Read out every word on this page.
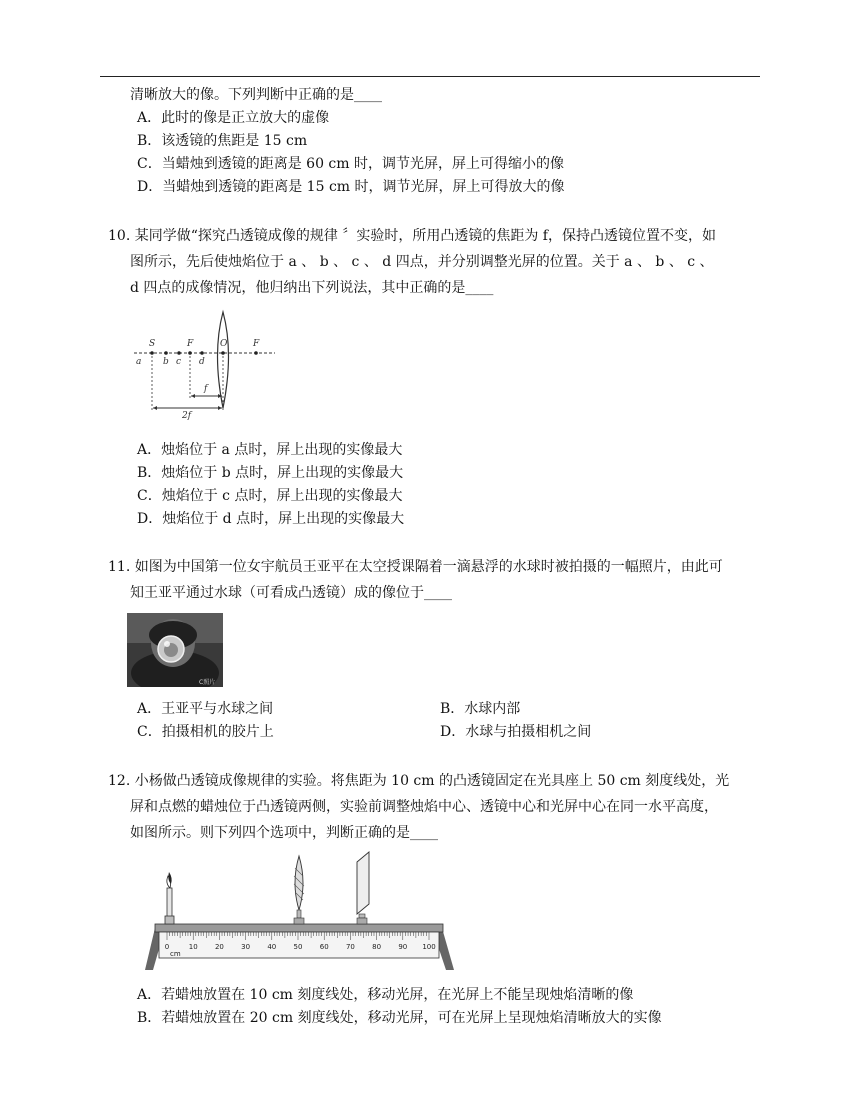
清晰放大的像。下列判断中正确的是____
A．此时的像是正立放大的虚像
B．该透镜的焦距是 15 cm
C．当蜡烛到透镜的距离是 60 cm 时，调节光屏，屏上可得缩小的像
D．当蜡烛到透镜的距离是 15 cm 时，调节光屏，屏上可得放大的像
10. 某同学做“探究凸透镜成像的规律 〞实验时，所用凸透镜的焦距为 f，保持凸透镜位置不变，如
图所示，先后使烛焰位于 a 、 b 、 c 、 d 四点，并分别调整光屏的位置。关于 a 、 b 、 c 、
d 四点的成像情况，他归纳出下列说法，其中正确的是____
S	F	O	F
a b c d
f
2f
A．烛焰位于 a 点时，屏上出现的实像最大
B．烛焰位于 b 点时，屏上出现的实像最大
C．烛焰位于 c 点时，屏上出现的实像最大
D．烛焰位于 d 点时，屏上出现的实像最大
11. 如图为中国第一位女宇航员王亚平在太空授课隔着一滴悬浮的水球时被拍摄的一幅照片，由此可
知王亚平通过水球（可看成凸透镜）成的像位于____
C照片
A．王亚平与水球之间	B．水球内部
C．拍摄相机的胶片上	D．水球与拍摄相机之间
12. 小杨做凸透镜成像规律的实验。将焦距为 10 cm 的凸透镜固定在光具座上 50 cm 刻度线处，光
屏和点燃的蜡烛位于凸透镜两侧，实验前调整烛焰中心、透镜中心和光屏中心在同一水平高度，
如图所示。则下列四个选项中，判断正确的是____
0	10 20 30 40 50 60 70 80 90 100
cm
A．若蜡烛放置在 10 cm 刻度线处，移动光屏，在光屏上不能呈现烛焰清晰的像
B．若蜡烛放置在 20 cm 刻度线处，移动光屏，可在光屏上呈现烛焰清晰放大的实像
